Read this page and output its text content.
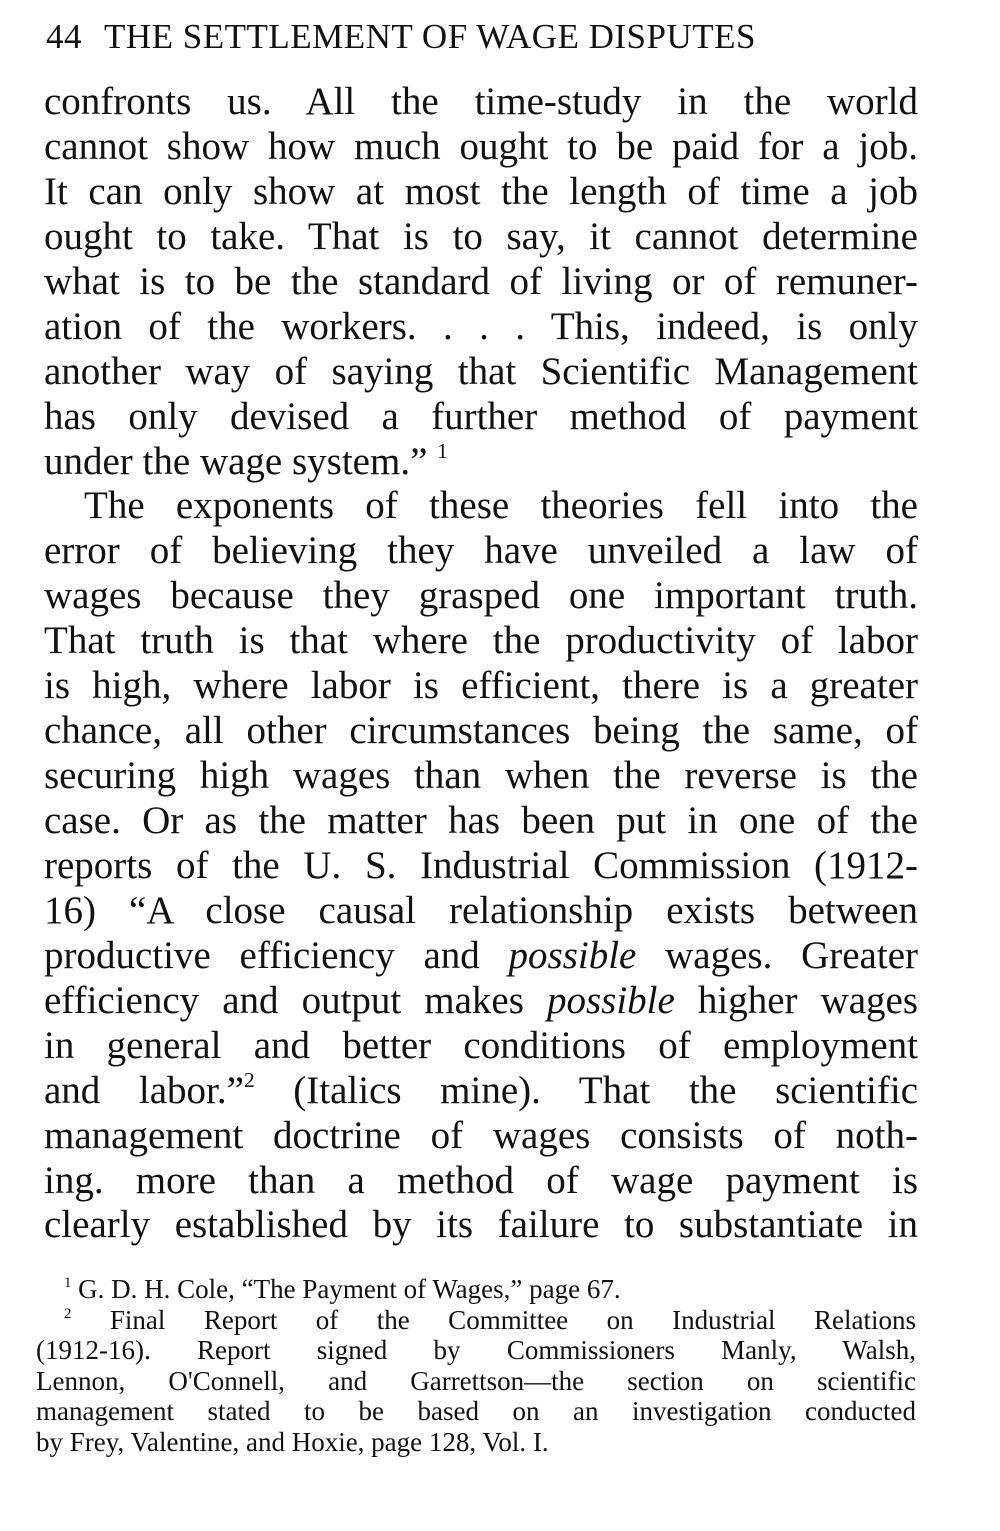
44 THE SETTLEMENT OF WAGE DISPUTES
confronts us. All the time-study in the world
cannot show how much ought to be paid for a job.
It can only show at most the length of time a job
ought to take. That is to say, it cannot determine
what is to be the standard of living or of remuner-
ation of the workers. . . . This, indeed, is only
another way of saying that Scientific Management
has only devised a further method of payment
under the wage system.” $^1$
The exponents of these theories fell into the
error of believing they have unveiled a law of
wages because they grasped one important truth.
That truth is that where the productivity of labor
is high, where labor is efficient, there is a greater
chance, all other circumstances being the same, of
securing high wages than when the reverse is the
case. Or as the matter has been put in one of the
reports of the U. S. Industrial Commission (1912-
16) “A close causal relationship exists between
productive efficiency and possible wages. Greater
efficiency and output makes possible higher wages
in general and better conditions of employment
and labor.”$^2$ (Italics mine). That the scientific
management doctrine of wages consists of noth-
ing. more than a method of wage payment is
clearly established by its failure to substantiate in
$^1$ G. D. H. Cole, “The Payment of Wages,” page 67.
$^2$ Final Report of the Committee on Industrial Relations
(1912-16). Report signed by Commissioners Manly, Walsh,
Lennon, O'Connell, and Garrettson—the section on scientific
management stated to be based on an investigation conducted
by Frey, Valentine, and Hoxie, page 128, Vol. I.
